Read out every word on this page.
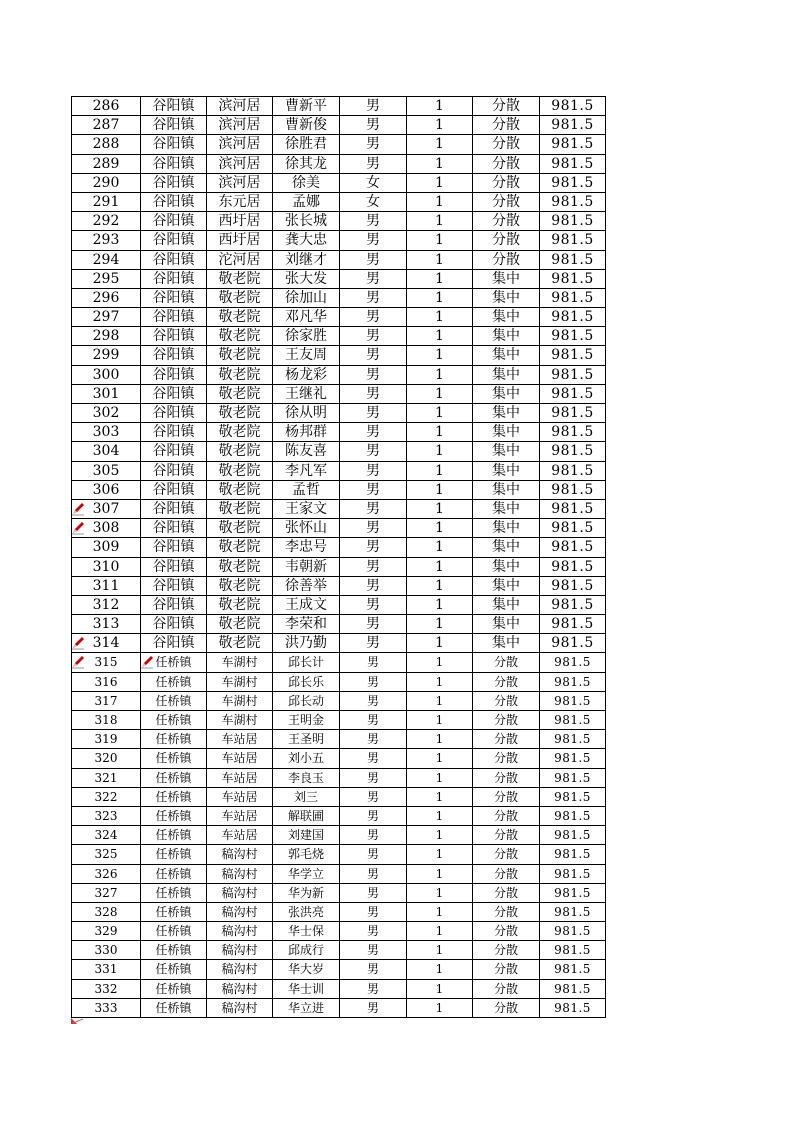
286	谷阳镇	滨河居	曹新平	男	1	分散	981.5

287	谷阳镇	滨河居	曹新俊	男	1	分散	981.5

288	谷阳镇	滨河居	徐胜君	男	1	分散	981.5

289	谷阳镇	滨河居	徐其龙	男	1	分散	981.5

290	谷阳镇	滨河居	徐美	女	1	分散	981.5

291	谷阳镇	东元居	孟娜	女	1	分散	981.5

292	谷阳镇	西圩居	张长城	男	1	分散	981.5

293	谷阳镇	西圩居	龚大忠	男	1	分散	981.5

294	谷阳镇	沱河居	刘继才	男	1	分散	981.5

295	谷阳镇	敬老院	张大发	男	1	集中	981.5

296	谷阳镇	敬老院	徐加山	男	1	集中	981.5

297	谷阳镇	敬老院	邓凡华	男	1	集中	981.5

298	谷阳镇	敬老院	徐家胜	男	1	集中	981.5

299	谷阳镇	敬老院	王友周	男	1	集中	981.5

300	谷阳镇	敬老院	杨龙彩	男	1	集中	981.5

301	谷阳镇	敬老院	王继礼	男	1	集中	981.5

302	谷阳镇	敬老院	徐从明	男	1	集中	981.5

303	谷阳镇	敬老院	杨邦群	男	1	集中	981.5

304	谷阳镇	敬老院	陈友喜	男	1	集中	981.5

305	谷阳镇	敬老院	李凡军	男	1	集中	981.5

306	谷阳镇	敬老院	孟哲	男	1	集中	981.5

307	谷阳镇	敬老院	王家文	男	1	集中	981.5

308	谷阳镇	敬老院	张怀山	男	1	集中	981.5

309	谷阳镇	敬老院	李忠号	男	1	集中	981.5

310	谷阳镇	敬老院	韦朝新	男	1	集中	981.5

311	谷阳镇	敬老院	徐善举	男	1	集中	981.5

312	谷阳镇	敬老院	王成文	男	1	集中	981.5

313	谷阳镇	敬老院	李荣和	男	1	集中	981.5

314	谷阳镇	敬老院	洪乃勤	男	1	集中	981.5

315	任桥镇	车湖村	邱长计	男	1	分散	981.5

316	任桥镇	车湖村	邱长乐	男	1	分散	981.5

317	任桥镇	车湖村	邱长动	男	1	分散	981.5

318	任桥镇	车湖村	王明金	男	1	分散	981.5

319	任桥镇	车站居	王圣明	男	1	分散	981.5

320	任桥镇	车站居	刘小五	男	1	分散	981.5

321	任桥镇	车站居	李良玉	男	1	分散	981.5

322	任桥镇	车站居	刘三	男	1	分散	981.5

323	任桥镇	车站居	解联圃	男	1	分散	981.5

324	任桥镇	车站居	刘建国	男	1	分散	981.5

325	任桥镇	稿沟村	郭毛烧	男	1	分散	981.5

326	任桥镇	稿沟村	华学立	男	1	分散	981.5

327	任桥镇	稿沟村	华为新	男	1	分散	981.5

328	任桥镇	稿沟村	张洪亮	男	1	分散	981.5

329	任桥镇	稿沟村	华士保	男	1	分散	981.5

330	任桥镇	稿沟村	邱成行	男	1	分散	981.5

331	任桥镇	稿沟村	华大岁	男	1	分散	981.5

332	任桥镇	稿沟村	华士训	男	1	分散	981.5

333	任桥镇	稿沟村	华立进	男	1	分散	981.5
